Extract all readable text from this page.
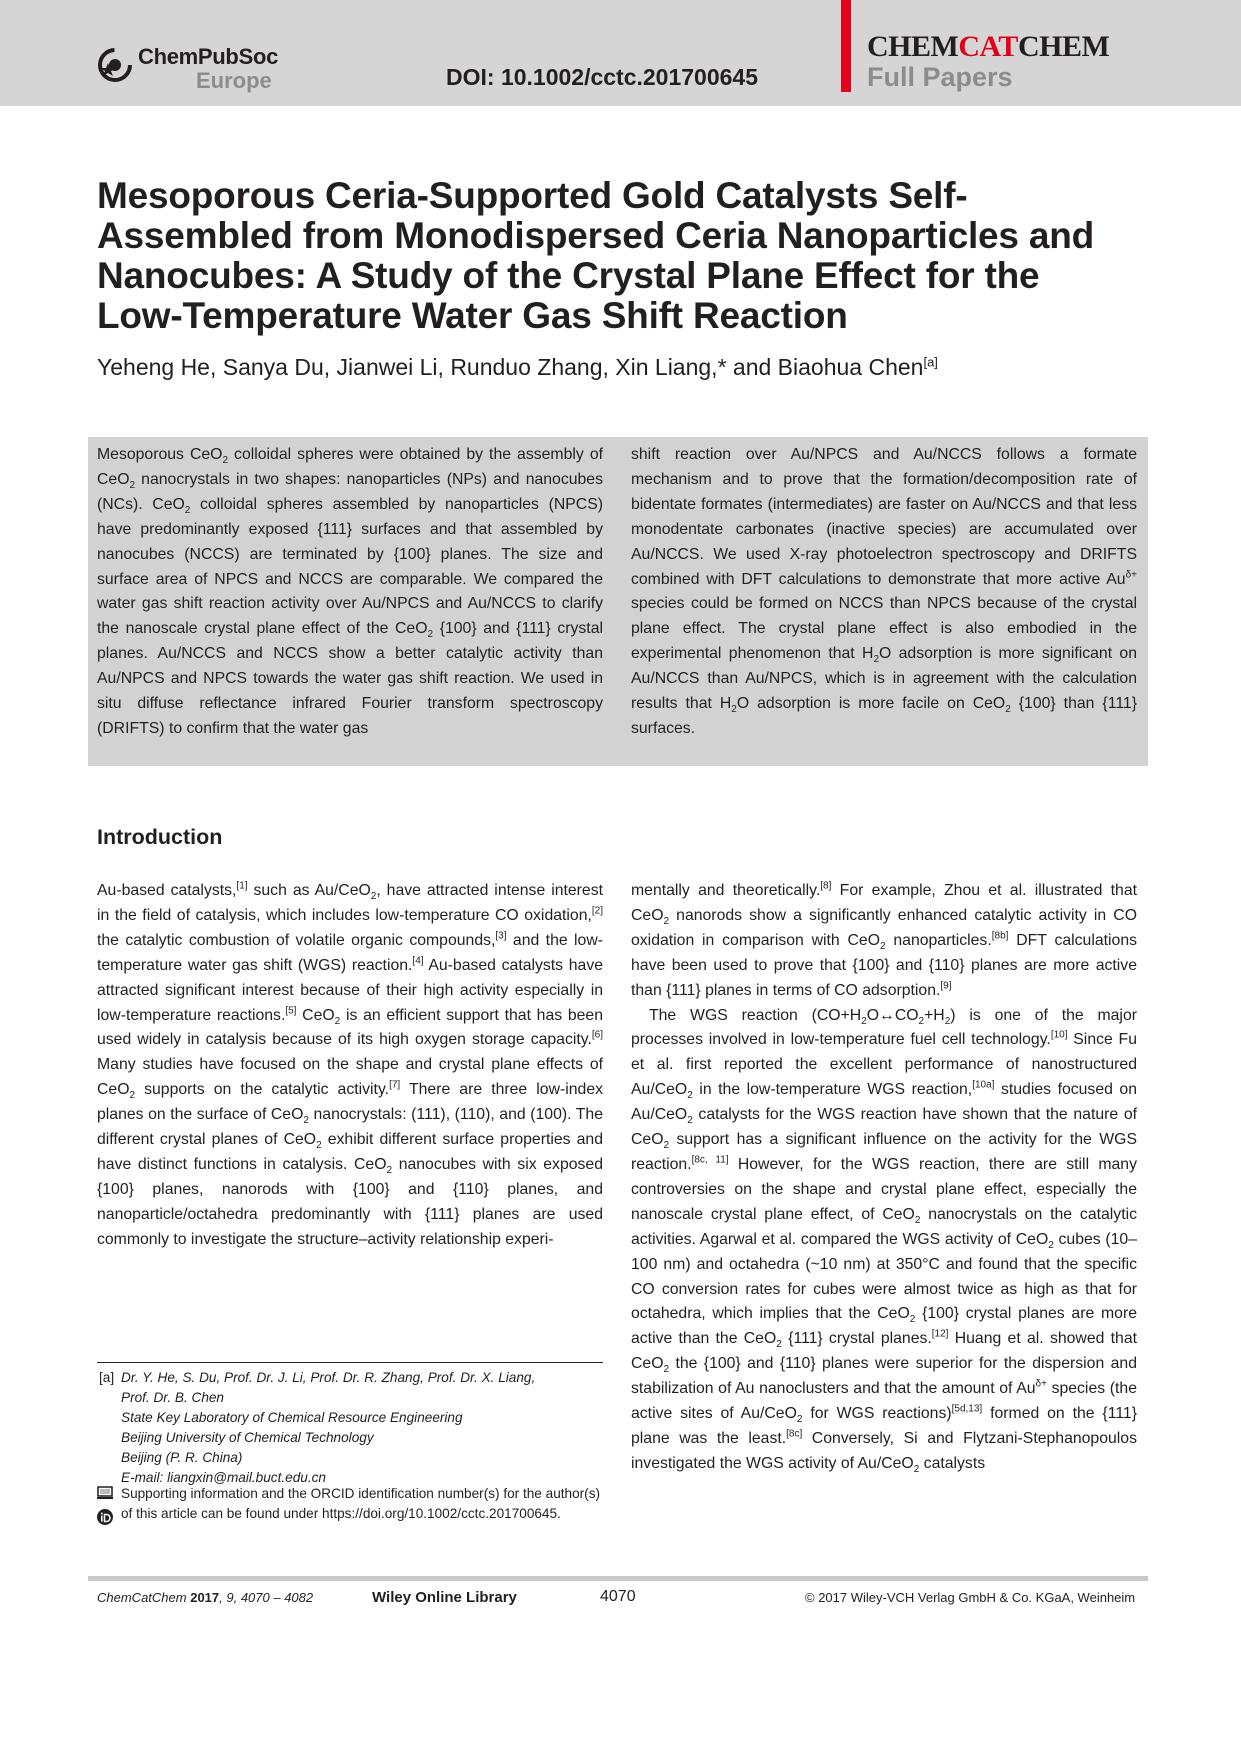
ChemPubSoc
Europe	DOI: 10.1002/cctc.201700645
CHEMCATCHEM
Full Papers
Mesoporous Ceria-Supported Gold Catalysts Self-
Assembled from Monodispersed Ceria Nanoparticles and
Nanocubes: A Study of the Crystal Plane Effect for the
Low-Temperature Water Gas Shift Reaction
Yeheng He, Sanya Du, Jianwei Li, Runduo Zhang, Xin Liang,* and Biaohua Chen[a]

Mesoporous CeO$_2$ colloidal spheres were obtained by the assembly of CeO$_2$ nanocrystals in two shapes: nanoparticles (NPs) and nanocubes (NCs). CeO$_2$ colloidal spheres assembled by nanoparticles (NPCS) have predominantly exposed {111} surfaces and that assembled by nanocubes (NCCS) are terminated by {100} planes. The size and surface area of NPCS and NCCS are comparable. We compared the water gas shift reaction activity over Au/NPCS and Au/NCCS to clarify the nanoscale crystal plane effect of the CeO$_2$ {100} and {111} crystal planes. Au/NCCS and NCCS show a better catalytic activity than Au/NPCS and NPCS towards the water gas shift reaction. We used in situ diffuse reflectance infrared Fourier transform spectroscopy (DRIFTS) to confirm that the water gas

shift reaction over Au/NPCS and Au/NCCS follows a formate mechanism and to prove that the formation/decomposition rate of bidentate formates (intermediates) are faster on Au/NCCS and that less monodentate carbonates (inactive species) are accumulated over Au/NCCS. We used X-ray photoelectron spectroscopy and DRIFTS combined with DFT calculations to demonstrate that more active $Au^{\delta+}$ species could be formed on NCCS than NPCS because of the crystal plane effect. The crystal plane effect is also embodied in the experimental phenomenon that $H_2O$ adsorption is more significant on Au/NCCS than Au/NPCS, which is in agreement with the calculation results that $H_2O$ adsorption is more facile on CeO$_2$ {100} than {111} surfaces.

Introduction

Au-based catalysts,[1] such as Au/CeO$_2$, have attracted intense interest in the field of catalysis, which includes low-temperature CO oxidation,[2] the catalytic combustion of volatile organic compounds,[3] and the low-temperature water gas shift (WGS) reaction.[4] Au-based catalysts have attracted significant interest because of their high activity especially in low-temperature reactions.[5] CeO$_2$ is an efficient support that has been used widely in catalysis because of its high oxygen storage capacity.[6] Many studies have focused on the shape and crystal plane effects of CeO$_2$ supports on the catalytic activity.[7] There are three low-index planes on the surface of CeO$_2$ nanocrystals: (111), (110), and (100). The different crystal planes of CeO$_2$ exhibit different surface properties and have distinct functions in catalysis. CeO$_2$ nanocubes with six exposed {100} planes, nanorods with {100} and {110} planes, and nanoparticle/octahedra predominantly with {111} planes are used commonly to investigate the structure–activity relationship experi-

mentally and theoretically.[8] For example, Zhou et al. illustrated that CeO$_2$ nanorods show a significantly enhanced catalytic activity in CO oxidation in comparison with CeO$_2$ nanoparticles.[8b] DFT calculations have been used to prove that {100} and {110} planes are more active than {111} planes in terms of CO adsorption.[9]
The WGS reaction $(CO+H_2O\leftrightarrow CO_2+H_2)$ is one of the major processes involved in low-temperature fuel cell technology.[10] Since Fu et al. first reported the excellent performance of nanostructured Au/CeO$_2$ in the low-temperature WGS reaction,[10a] studies focused on Au/CeO$_2$ catalysts for the WGS reaction have shown that the nature of CeO$_2$ support has a significant influence on the activity for the WGS reaction.[8c, 11] However, for the WGS reaction, there are still many controversies on the shape and crystal plane effect, especially the nanoscale crystal plane effect, of CeO$_2$ nanocrystals on the catalytic activities. Agarwal et al. compared the WGS activity of CeO$_2$ cubes (10–100 nm) and octahedra (~10 nm) at 350°C and found that the specific CO conversion rates for cubes were almost twice as high as that for octahedra, which implies that the CeO$_2$ {100} crystal planes are more active than the CeO$_2$ {111} crystal planes.[12] Huang et al. showed that CeO$_2$ the {100} and {110} planes were superior for the dispersion and stabilization of Au nanoclusters and that the amount of $Au^{\delta+}$ species (the active sites of Au/CeO$_2$ for WGS reactions)[5d,13] formed on the {111} plane was the least.[8c] Conversely, Si and Flytzani-Stephanopoulos investigated the WGS activity of Au/CeO$_2$ catalysts
[a] Dr. Y. He, S. Du, Prof. Dr. J. Li, Prof. Dr. R. Zhang, Prof. Dr. X. Liang,
Prof. Dr. B. Chen
State Key Laboratory of Chemical Resource Engineering
Beijing University of Chemical Technology
Beijing (P. R. China)
E-mail: liangxin@mail.buct.edu.cn

Supporting information and the ORCID identification number(s) for the author(s) of this article can be found under https://doi.org/10.1002/cctc.201700645.
ChemCatChem 2017, 9, 4070 – 4082	Wiley Online Library	4070	© 2017 Wiley-VCH Verlag GmbH & Co. KGaA, Weinheim
